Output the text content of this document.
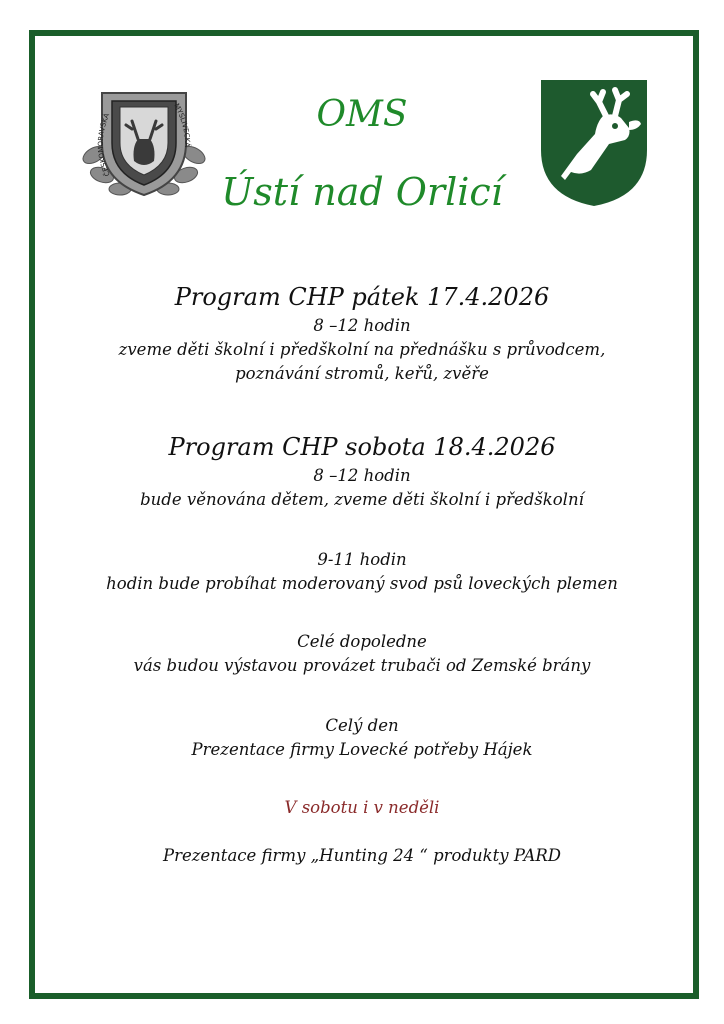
ČESKOMORAVSKÁ
MYSLIVECKÁ
OMS
Ústí nad Orlicí
Program CHP pátek 17.4.2026
8 –12 hodin
zveme děti školní i předškolní na přednášku s průvodcem,
poznávání stromů, keřů, zvěře
Program CHP sobota 18.4.2026
8 –12 hodin
bude věnována dětem, zveme děti školní i předškolní
9-11 hodin
hodin bude probíhat moderovaný svod psů loveckých plemen
Celé dopoledne
vás budou výstavou provázet trubači od Zemské brány
Celý den
Prezentace firmy Lovecké potřeby Hájek
V sobotu i v neděli
Prezentace firmy „Hunting 24 “ produkty PARD
